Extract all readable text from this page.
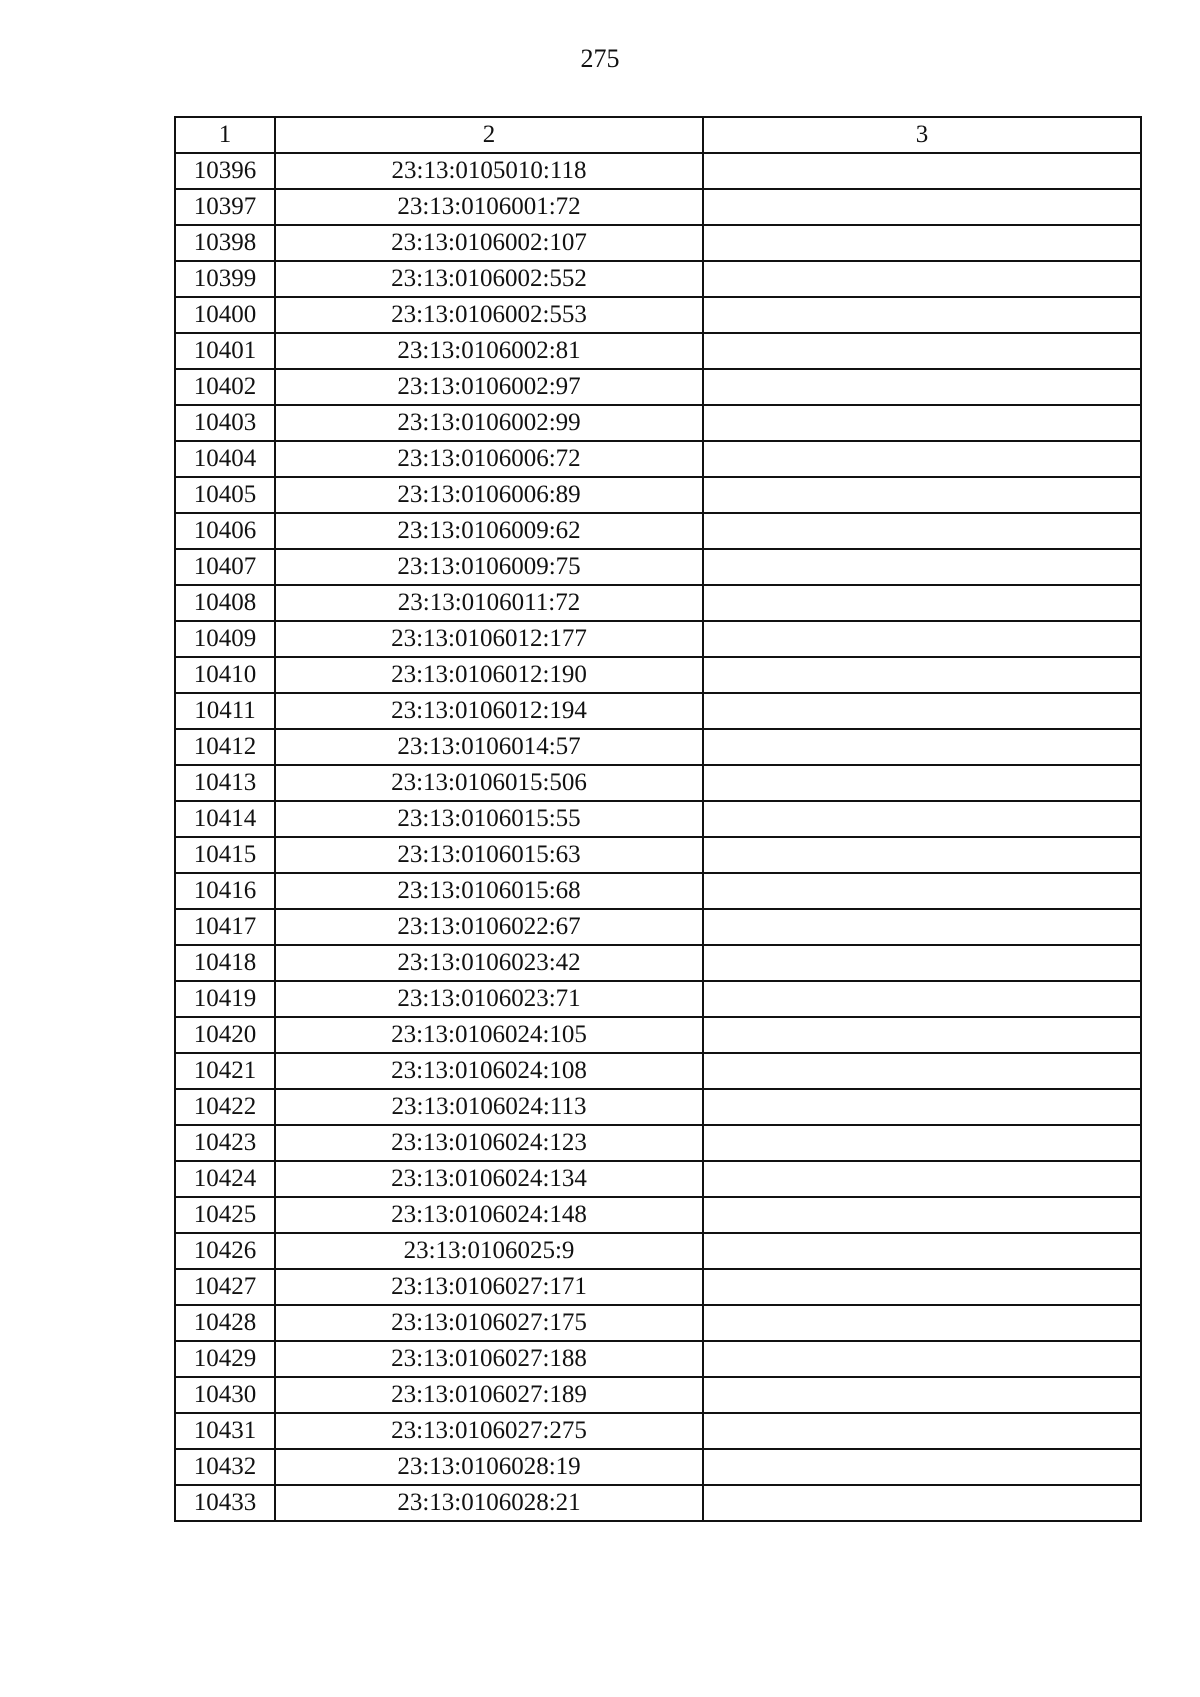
275
1	2	3
10396	23:13:0105010:118	
10397	23:13:0106001:72	
10398	23:13:0106002:107	
10399	23:13:0106002:552	
10400	23:13:0106002:553	
10401	23:13:0106002:81	
10402	23:13:0106002:97	
10403	23:13:0106002:99	
10404	23:13:0106006:72	
10405	23:13:0106006:89	
10406	23:13:0106009:62	
10407	23:13:0106009:75	
10408	23:13:0106011:72	
10409	23:13:0106012:177	
10410	23:13:0106012:190	
10411	23:13:0106012:194	
10412	23:13:0106014:57	
10413	23:13:0106015:506	
10414	23:13:0106015:55	
10415	23:13:0106015:63	
10416	23:13:0106015:68	
10417	23:13:0106022:67	
10418	23:13:0106023:42	
10419	23:13:0106023:71	
10420	23:13:0106024:105	
10421	23:13:0106024:108	
10422	23:13:0106024:113	
10423	23:13:0106024:123	
10424	23:13:0106024:134	
10425	23:13:0106024:148	
10426	23:13:0106025:9	
10427	23:13:0106027:171	
10428	23:13:0106027:175	
10429	23:13:0106027:188	
10430	23:13:0106027:189	
10431	23:13:0106027:275	
10432	23:13:0106028:19	
10433	23:13:0106028:21	
